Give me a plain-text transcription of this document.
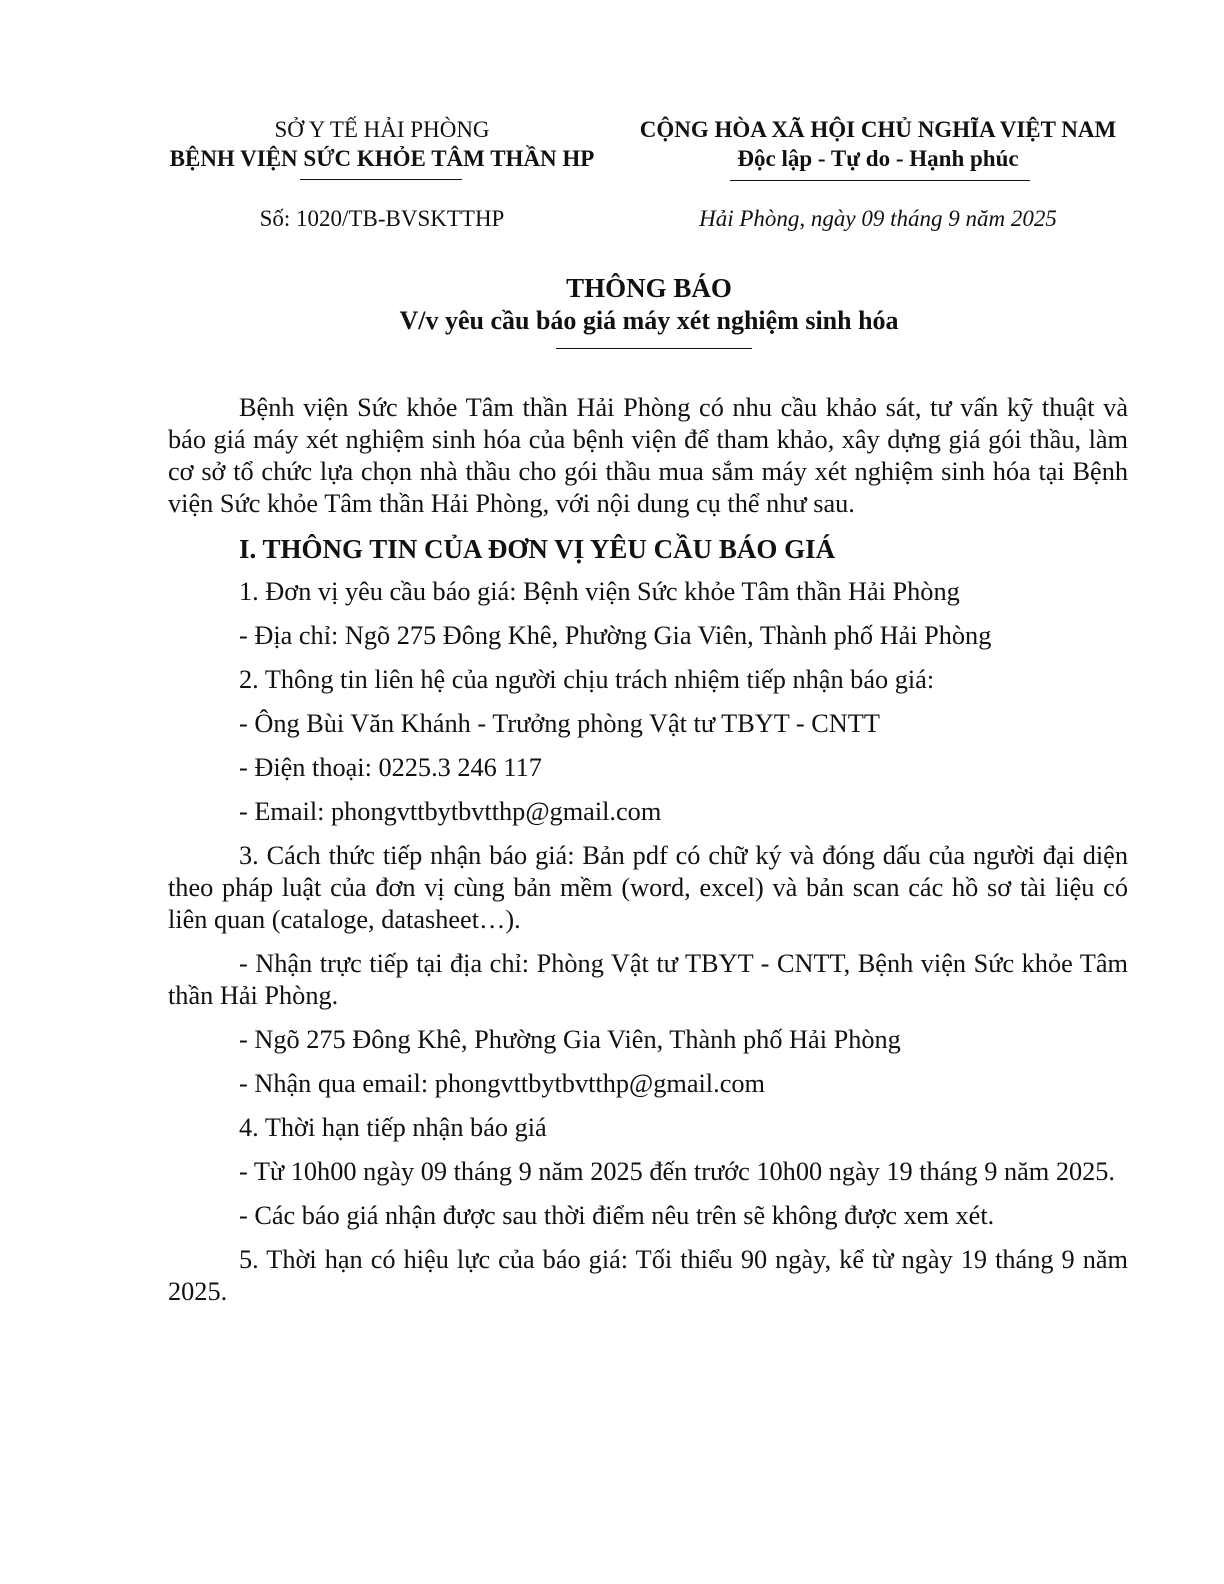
SỞ Y TẾ HẢI PHÒNG
BỆNH VIỆN SỨC KHỎE TÂM THẦN HP
CỘNG HÒA XÃ HỘI CHỦ NGHĨA VIỆT NAM
Độc lập - Tự do - Hạnh phúc
Số: 1020/TB-BVSKTTHP	Hải Phòng, ngày 09 tháng 9 năm 2025
THÔNG BÁO
V/v yêu cầu báo giá máy xét nghiệm sinh hóa

Bệnh viện Sức khỏe Tâm thần Hải Phòng có nhu cầu khảo sát, tư vấn kỹ thuật và báo giá máy xét nghiệm sinh hóa của bệnh viện để tham khảo, xây dựng giá gói thầu, làm cơ sở tổ chức lựa chọn nhà thầu cho gói thầu mua sắm máy xét nghiệm sinh hóa tại Bệnh viện Sức khỏe Tâm thần Hải Phòng, với nội dung cụ thể như sau.

I. THÔNG TIN CỦA ĐƠN VỊ YÊU CẦU BÁO GIÁ

1. Đơn vị yêu cầu báo giá: Bệnh viện Sức khỏe Tâm thần Hải Phòng

- Địa chỉ: Ngõ 275 Đông Khê, Phường Gia Viên, Thành phố Hải Phòng

2. Thông tin liên hệ của người chịu trách nhiệm tiếp nhận báo giá:

- Ông Bùi Văn Khánh - Trưởng phòng Vật tư TBYT - CNTT

- Điện thoại: 0225.3 246 117

- Email: phongvttbytbvtthp@gmail.com

3. Cách thức tiếp nhận báo giá: Bản pdf có chữ ký và đóng dấu của người đại diện theo pháp luật của đơn vị cùng bản mềm (word, excel) và bản scan các hồ sơ tài liệu có liên quan (cataloge, datasheet…).

- Nhận trực tiếp tại địa chỉ: Phòng Vật tư TBYT - CNTT, Bệnh viện Sức khỏe Tâm thần Hải Phòng.

- Ngõ 275 Đông Khê, Phường Gia Viên, Thành phố Hải Phòng

- Nhận qua email: phongvttbytbvtthp@gmail.com

4. Thời hạn tiếp nhận báo giá

- Từ 10h00 ngày 09 tháng 9 năm 2025 đến trước 10h00 ngày 19 tháng 9 năm 2025.

- Các báo giá nhận được sau thời điểm nêu trên sẽ không được xem xét.

5. Thời hạn có hiệu lực của báo giá: Tối thiểu 90 ngày, kể từ ngày 19 tháng 9 năm 2025.
